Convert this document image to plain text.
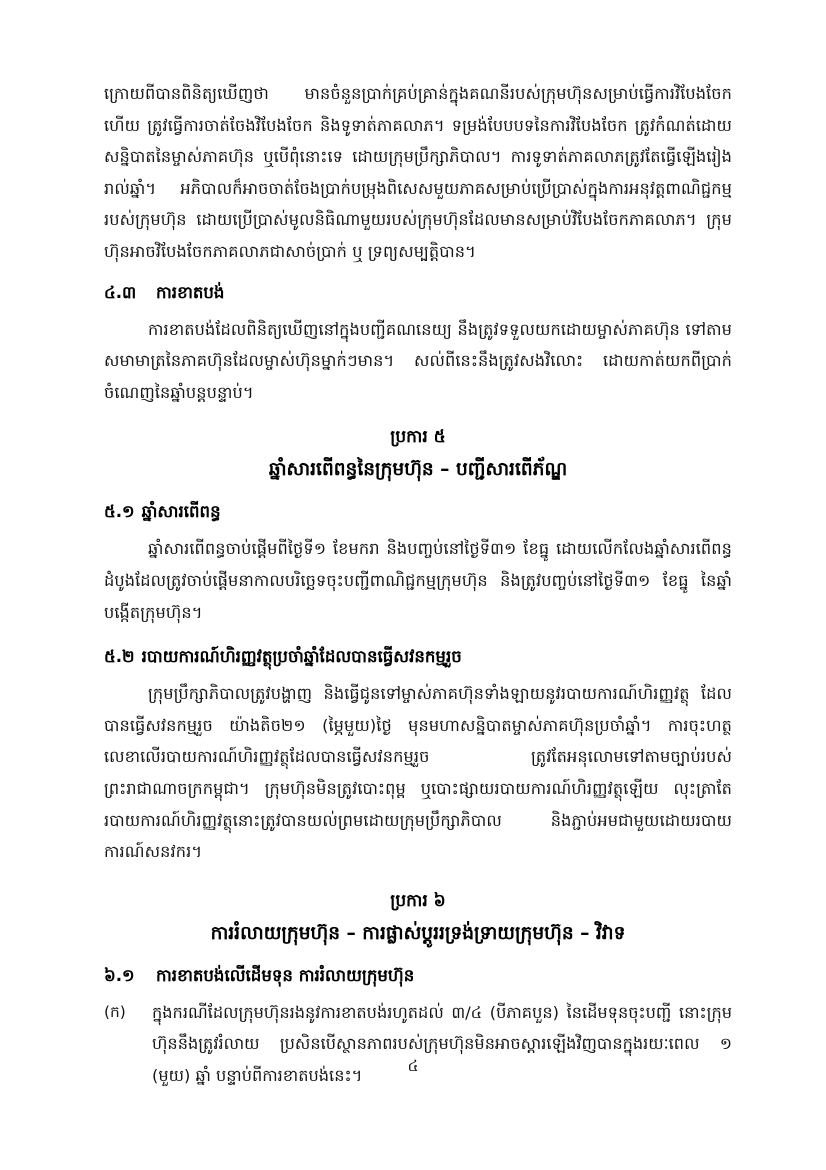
ក្រោយពីបានពិនិត្យឃើញថា មានចំនួនប្រាក់គ្រប់គ្រាន់ក្នុងគណនីរបស់ក្រុមហ៊ុនសម្រាប់ធ្វើការវិបែងចែកហើយ ត្រូវធ្វើការចាត់ចែងវិបែងចែក និងទូទាត់ភាគលាភ។ ទម្រង់បែបបទនៃការវិបែងចែក ត្រូវកំណត់ដោយសន្និបាតនៃម្ចាស់ភាគហ៊ុន ឬបើពុំនោះទេ ដោយក្រុមប្រឹក្សាភិបាល។ ការទូទាត់ភាគលាភត្រូវតែធ្វើឡើងរៀងរាល់ឆ្នាំ។ អភិបាលក៏អាចចាត់ចែងប្រាក់បម្រុងពិសេសមួយភាគសម្រាប់ប្រើប្រាស់ក្នុងការអនុវត្តពាណិជ្ជកម្មរបស់ក្រុមហ៊ុន ដោយប្រើប្រាស់មូលនិធិណាមួយរបស់ក្រុមហ៊ុនដែលមានសម្រាប់វិបែងចែកភាគលាភ។ ក្រុមហ៊ុនអាចវិបែងចែកភាគលាភជាសាច់ប្រាក់ ឬ ទ្រព្យសម្បត្តិបាន។

៤.៣	ការខាតបង់

ការខាតបង់ដែលពិនិត្យឃើញនៅក្នុងបញ្ជីគណនេយ្យ នឹងត្រូវទទួលយកដោយម្ចាស់ភាគហ៊ុន ទៅតាមសមាមាត្រនៃភាគហ៊ុនដែលម្ចាស់ហ៊ុនម្នាក់ៗមាន។ សល់ពីនេះនឹងត្រូវសងវិលេាះ ដោយកាត់យកពីប្រាក់ចំណេញនៃឆ្នាំបន្តបន្ទាប់។

ប្រការ ៥
ឆ្នាំសារពើពន្ធនៃក្រុមហ៊ុន – បញ្ជីសារពើភ័ណ្ឌ
៥.១ ឆ្នាំសារពើពន្ធ

ឆ្នាំសារពើពន្ធចាប់ផ្តើមពីថ្ងៃទី១ ខែមករា និងបញ្ចប់នៅថ្ងៃទី៣១ ខែធ្នូ ដោយលើកលែងឆ្នាំសារពើពន្ធដំបូងដែលត្រូវចាប់ផ្តើមនាកាលបរិច្ឆេទចុះបញ្ជីពាណិជ្ជកម្មក្រុមហ៊ុន និងត្រូវបញ្ចប់នៅថ្ងៃទី៣១ ខែធ្នូ នៃឆ្នាំបង្កើតក្រុមហ៊ុន។

៥.២ របាយការណ៍ហិរញ្ញវត្ថុប្រចាំឆ្នាំដែលបានធ្វើសវនកម្មរួច

ក្រុមប្រឹក្សាភិបាលត្រូវបង្ហាញ និងធ្វើជូនទៅម្ចាស់ភាគហ៊ុនទាំងឡាយនូវរបាយការណ៍ហិរញ្ញវត្ថុ ដែលបានធ្វើសវនកម្មរួច យ៉ាងតិច២១ (ម្ភៃមួយ)ថ្ងៃ មុនមហាសន្និបាតម្ចាស់ភាគហ៊ុនប្រចាំឆ្នាំ។ ការចុះហត្ថលេខាលើរបាយការណ៍ហិរញ្ញវត្ថុដែលបានធ្វើសវនកម្មរួច ត្រូវតែអនុលោមទៅតាមច្បាប់របស់ព្រះរាជាណាចក្រកម្ពុជា។ ក្រុមហ៊ុនមិនត្រូវបោះពុម្ព ឬបោះផ្សាយរបាយការណ៍ហិរញ្ញវត្ថុឡើយ លុះត្រាតែរបាយការណ៍ហិរញ្ញវត្ថុនោះត្រូវបានយល់ព្រមដោយក្រុមប្រឹក្សាភិបាល និងភ្ជាប់អមជាមួយដោយរបាយការណ៍សនវករ។

ប្រការ ៦
ការរំលាយក្រុមហ៊ុន – ការផ្លាស់ប្ដូររទ្រង់ទ្រាយក្រុមហ៊ុន – វិវាទ
៦.១	ការខាតបង់លើដើមទុន ការរំលាយក្រុមហ៊ុន
(ក)	ក្នុងករណីដែលក្រុមហ៊ុនរងនូវការខាតបង់រហូតដល់ ៣/៤ (បីភាគបួន) នៃដើមទុនចុះបញ្ជី នោះក្រុមហ៊ុននឹងត្រូវរំលាយ ប្រសិនបើស្ថានភាពរបស់ក្រុមហ៊ុនមិនអាចស្តារឡើងវិញបានក្នុងរយៈពេល ១ (មួយ) ឆ្នាំ បន្ទាប់ពីការខាតបង់នេះ។	៤
